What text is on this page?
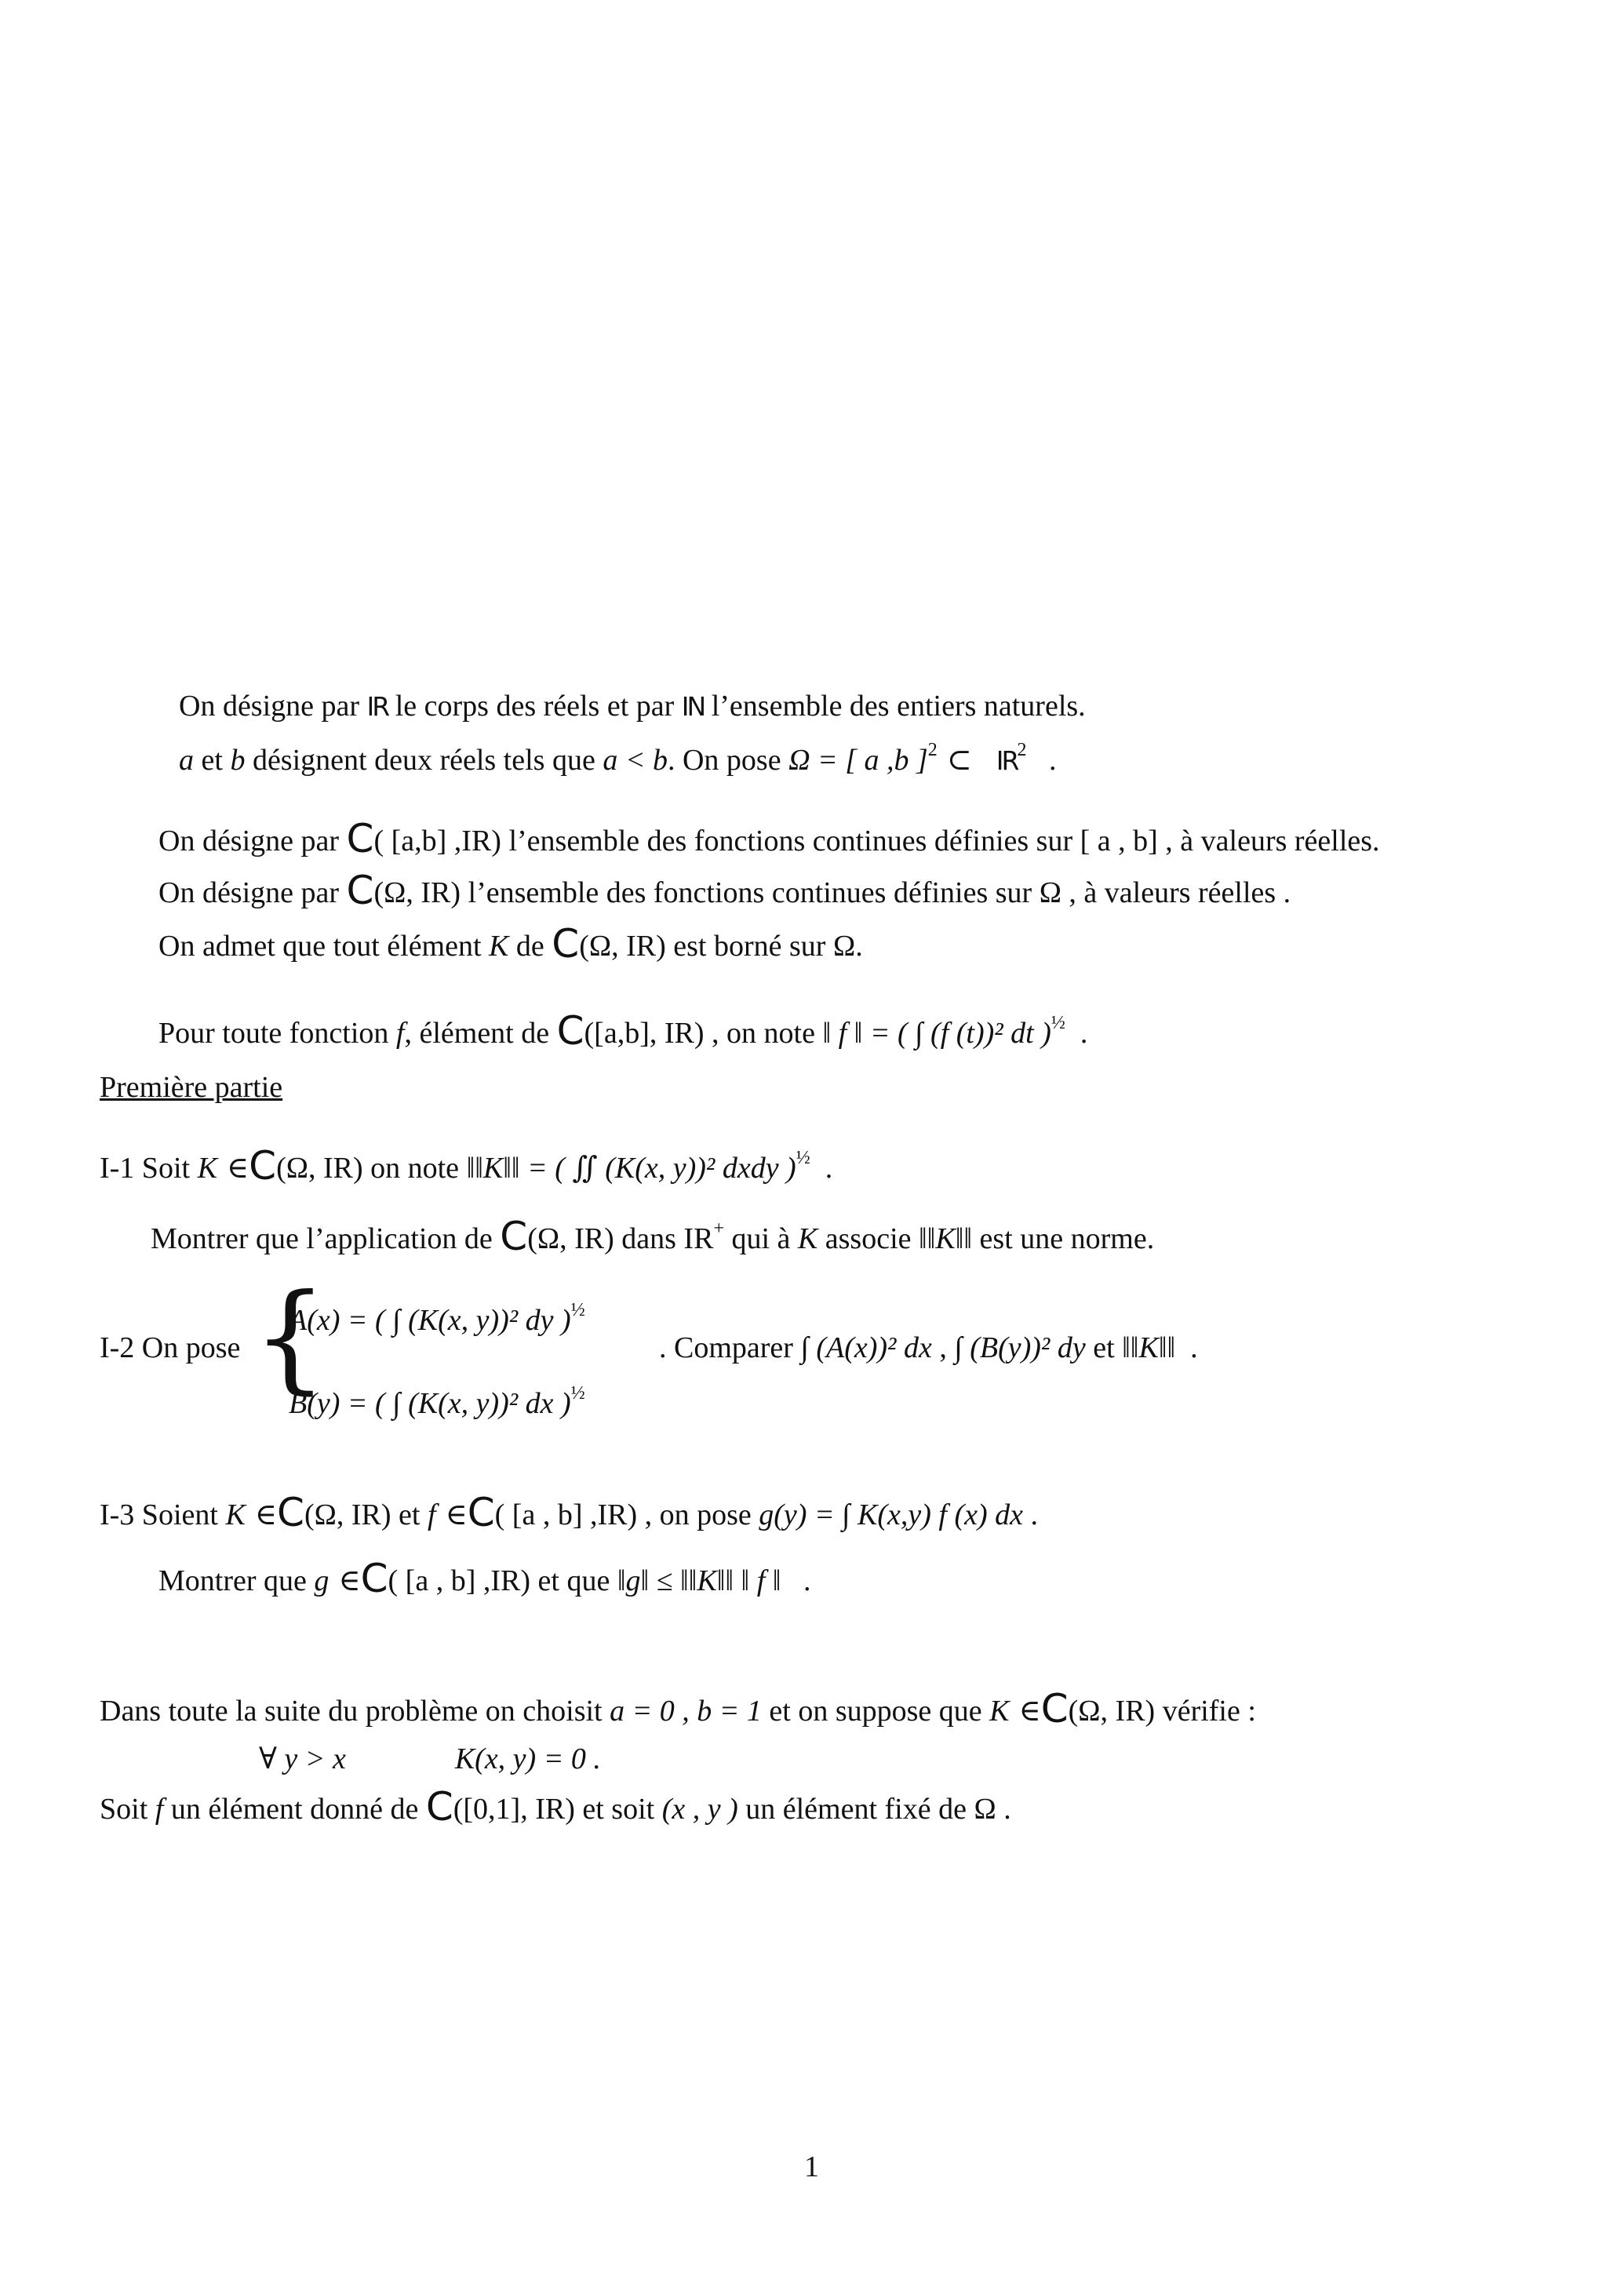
On désigne par IR le corps des réels et par IN l’ensemble des entiers naturels.
a et b désignent deux réels tels que a < b. On pose Ω = [ a ,b ]$^2$ ⊂   $IR^2$   .
On désigne par C( [a,b] ,IR) l’ensemble des fonctions continues définies sur [ a , b] , à valeurs réelles.
On désigne par C(Ω, IR) l’ensemble des fonctions continues définies sur Ω , à valeurs réelles .
On admet que tout élément K de C(Ω, IR) est borné sur Ω.
Pour toute fonction f, élément de C([a,b], IR) , on note ‖ f ‖ = ( ∫ (f (t))² dt )$^{\frac{1}{2}}$ .
Première partie
I-1 Soit K ∈C(Ω, IR) on note ‖‖K‖‖ = ( ∬ (K(x, y))² dxdy )$^{\frac{1}{2}}$ .
Montrer que l’application de C(Ω, IR) dans IR+ qui à K associe ‖‖K‖‖ est une norme.
I-2 On pose {
A(x) = ( ∫ (K(x, y))² dy )$^{\frac{1}{2}}$
B(y) = ( ∫ (K(x, y))² dx )$^{\frac{1}{2}}$
. Comparer ∫ (A(x))² dx , ∫ (B(y))² dy et ‖‖K‖‖ .
I-3 Soient K ∈C(Ω, IR) et f ∈C( [a , b] ,IR) , on pose g(y) = ∫ K(x,y) f (x) dx .
Montrer que g ∈C( [a , b] ,IR) et que ‖g‖ ≤ ‖‖K‖‖ ‖ f ‖ .
Dans toute la suite du problème on choisit a = 0 , b = 1 et on suppose que K ∈C(Ω, IR) vérifie :
∀ y > x	K(x, y) = 0 .
Soit f un élément donné de C([0,1], IR) et soit (x , y ) un élément fixé de Ω .
1
